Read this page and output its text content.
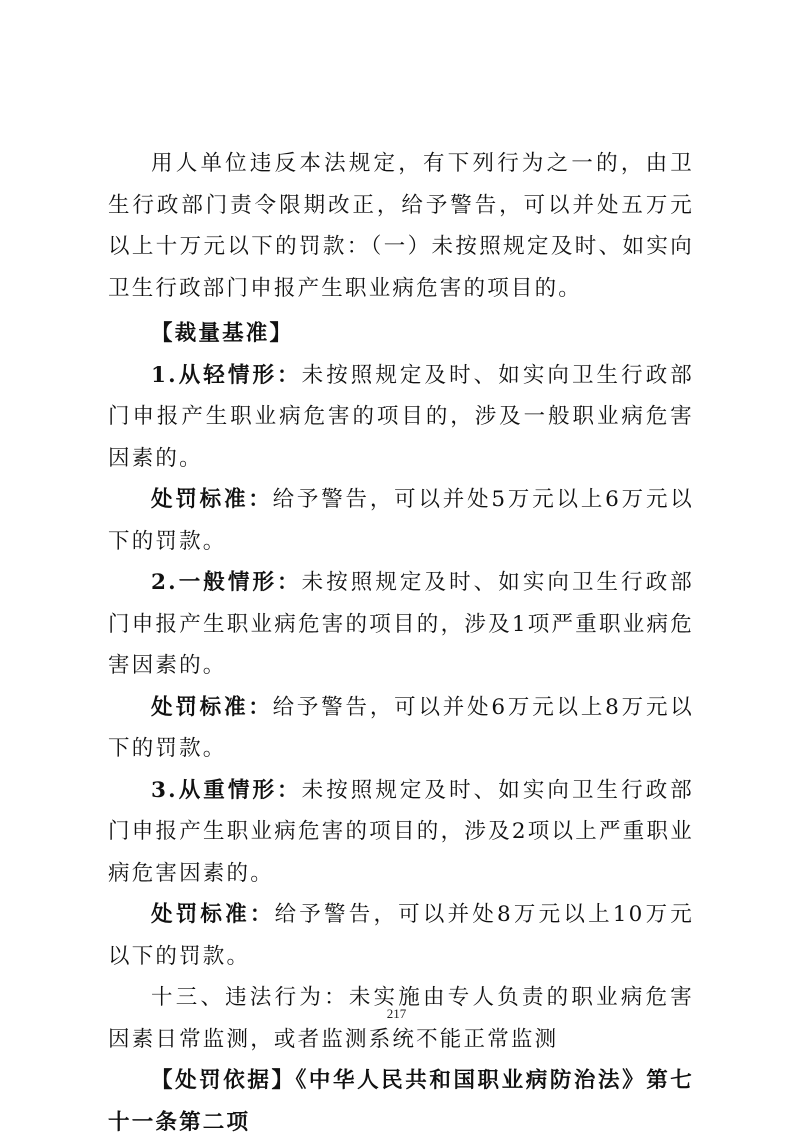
用人单位违反本法规定，有下列行为之一的，由卫生行政部门责令限期改正，给予警告，可以并处五万元以上十万元以下的罚款：（一）未按照规定及时、如实向卫生行政部门申报产生职业病危害的项目的。

【裁量基准】

1.从轻情形：未按照规定及时、如实向卫生行政部门申报产生职业病危害的项目的，涉及一般职业病危害因素的。

处罚标准：给予警告，可以并处5万元以上6万元以下的罚款。

2.一般情形：未按照规定及时、如实向卫生行政部门申报产生职业病危害的项目的，涉及1项严重职业病危害因素的。

处罚标准：给予警告，可以并处6万元以上8万元以下的罚款。

3.从重情形：未按照规定及时、如实向卫生行政部门申报产生职业病危害的项目的，涉及2项以上严重职业病危害因素的。

处罚标准：给予警告，可以并处8万元以上10万元以下的罚款。

十三、违法行为：未实施由专人负责的职业病危害因素日常监测，或者监测系统不能正常监测

【处罚依据】《中华人民共和国职业病防治法》第七十一条第二项

217
